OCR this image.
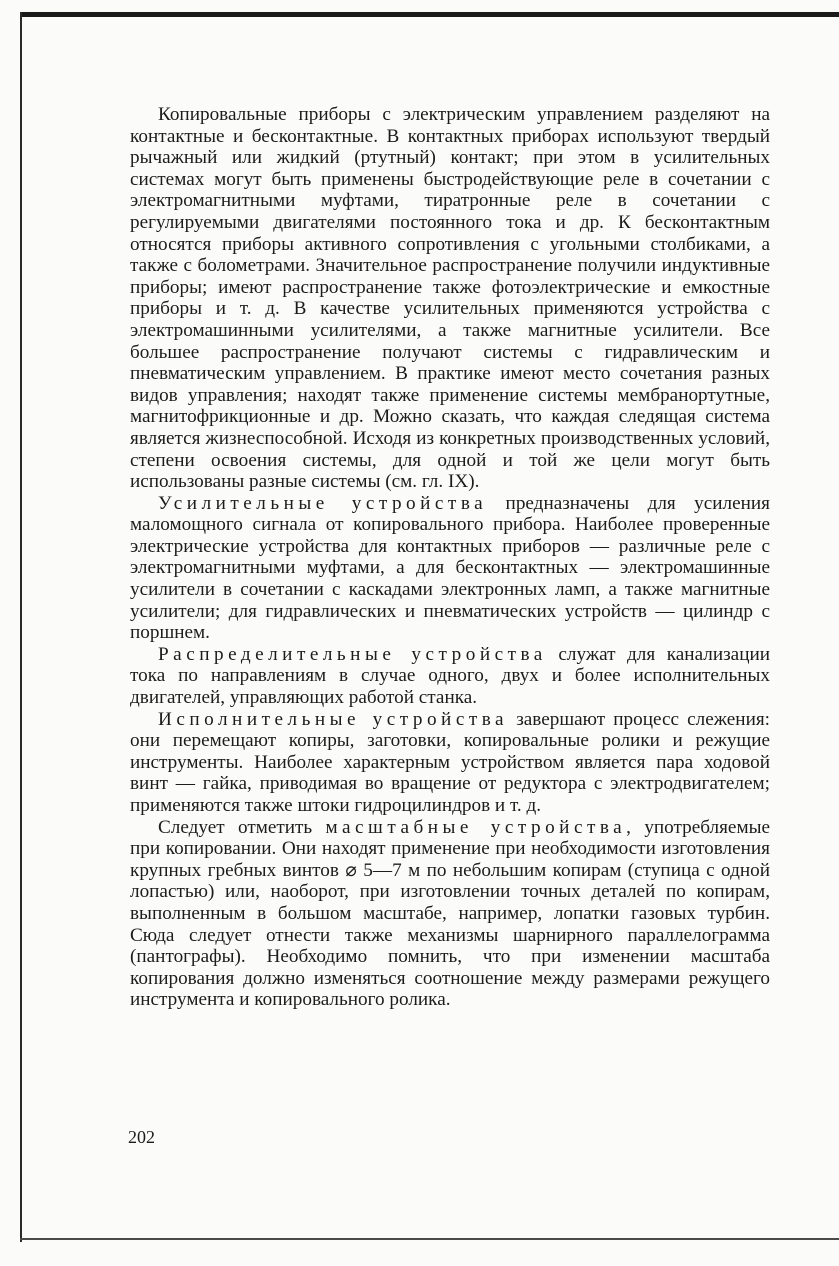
Копировальные приборы с электрическим управлением разделяют на контактные и бесконтактные. В контактных приборах используют твердый рычажный или жидкий (ртутный) контакт; при этом в усилительных системах могут быть применены быстродействующие реле в сочетании с электромагнитными муфтами, тиратронные реле в сочетании с регулируемыми двигателями постоянного тока и др. К бесконтактным относятся приборы активного сопротивления с угольными столбиками, а также с болометрами. Значительное распространение получили индуктивные приборы; имеют распространение также фотоэлектрические и емкостные приборы и т. д. В качестве усилительных применяются устройства с электромашинными усилителями, а также магнитные усилители. Все большее распространение получают системы с гидравлическим и пневматическим управлением. В практике имеют место сочетания разных видов управления; находят также применение системы мембранортутные, магнитофрикционные и др. Можно сказать, что каждая следящая система является жизнеспособной. Исходя из конкретных производственных условий, степени освоения системы, для одной и той же цели могут быть использованы разные системы (см. гл. IX).

Усилительные устройства предназначены для усиления маломощного сигнала от копировального прибора. Наиболее проверенные электрические устройства для контактных приборов — различные реле с электромагнитными муфтами, а для бесконтактных — электромашинные усилители в сочетании с каскадами электронных ламп, а также магнитные усилители; для гидравлических и пневматических устройств — цилиндр с поршнем.

Распределительные устройства служат для канализации тока по направлениям в случае одного, двух и более исполнительных двигателей, управляющих работой станка.

Исполнительные устройства завершают процесс слежения: они перемещают копиры, заготовки, копировальные ролики и режущие инструменты. Наиболее характерным устройством является пара ходовой винт — гайка, приводимая во вращение от редуктора с электродвигателем; применяются также штоки гидроцилиндров и т. д.

Следует отметить масштабные устройства, употребляемые при копировании. Они находят применение при необходимости изготовления крупных гребных винтов ⌀ 5—7 м по небольшим копирам (ступица с одной лопастью) или, наоборот, при изготовлении точных деталей по копирам, выполненным в большом масштабе, например, лопатки газовых турбин. Сюда следует отнести также механизмы шарнирного параллелограмма (пантографы). Необходимо помнить, что при изменении масштаба копирования должно изменяться соотношение между размерами режущего инструмента и копировального ролика.

202
